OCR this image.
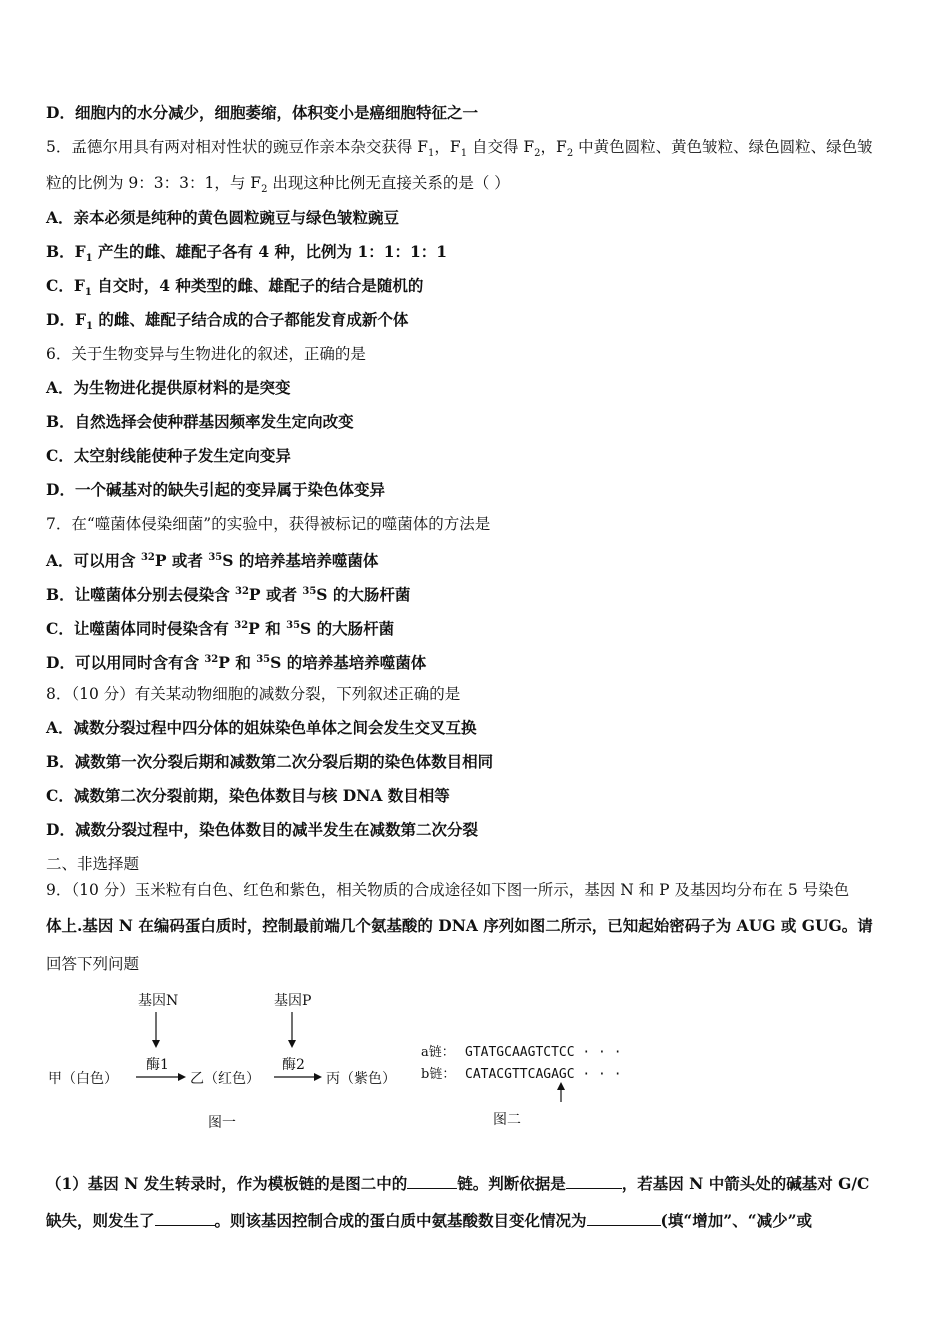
D．细胞内的水分减少，细胞萎缩，体积变小是癌细胞特征之一
5．孟德尔用具有两对相对性状的豌豆作亲本杂交获得 $F_1$，$F_1$ 自交得 $F_2$，$F_2$ 中黄色圆粒、黄色皱粒、绿色圆粒、绿色皱
粒的比例为 9：3：3：1，与 $F_2$ 出现这种比例无直接关系的是（ ）
A．亲本必须是纯种的黄色圆粒豌豆与绿色皱粒豌豆
B．$F_1$ 产生的雌、雄配子各有 4 种，比例为 1：1：1：1
C．$F_1$ 自交时，4 种类型的雌、雄配子的结合是随机的
D．$F_1$ 的雌、雄配子结合成的合子都能发育成新个体
6．关于生物变异与生物进化的叙述，正确的是
A．为生物进化提供原材料的是突变
B．自然选择会使种群基因频率发生定向改变
C．太空射线能使种子发生定向变异
D．一个碱基对的缺失引起的变异属于染色体变异
7．在“噬菌体侵染细菌”的实验中，获得被标记的噬菌体的方法是
A．可以用含 $^{32}$P 或者 $^{35}$S 的培养基培养噬菌体
B．让噬菌体分别去侵染含 $^{32}$P 或者 $^{35}$S 的大肠杆菌
C．让噬菌体同时侵染含有 $^{32}$P 和 $^{35}$S 的大肠杆菌
D．可以用同时含有含 $^{32}$P 和 $^{35}$S 的培养基培养噬菌体
8．（10 分）有关某动物细胞的减数分裂，下列叙述正确的是
A．减数分裂过程中四分体的姐妹染色单体之间会发生交叉互换
B．减数第一次分裂后期和减数第二次分裂后期的染色体数目相同
C．减数第二次分裂前期，染色体数目与核 DNA 数目相等
D．减数分裂过程中，染色体数目的减半发生在减数第二次分裂
二、非选择题
9．（10 分）玉米粒有白色、红色和紫色，相关物质的合成途径如下图一所示，基因 N 和 P 及基因均分布在 5 号染色
体上.基因 N 在编码蛋白质时，控制最前端几个氨基酸的 DNA 序列如图二所示，已知起始密码子为 AUG 或 GUG。请
回答下列问题
基因N	基因P
酶1	酶2
甲（白色）	乙（红色）	丙（紫色）
图一
a链： GTATGCAAGTCTCC · · ·
b链： CATACGTTCAGAGC · · ·
图二
（1）基因 N 发生转录时，作为模板链的是图二中的	链。判断依据是	，若基因 N 中箭头处的碱基对 G/C
缺失，则发生了	。则该基因控制合成的蛋白质中氨基酸数目变化情况为	(填“增加”、“减少”或
